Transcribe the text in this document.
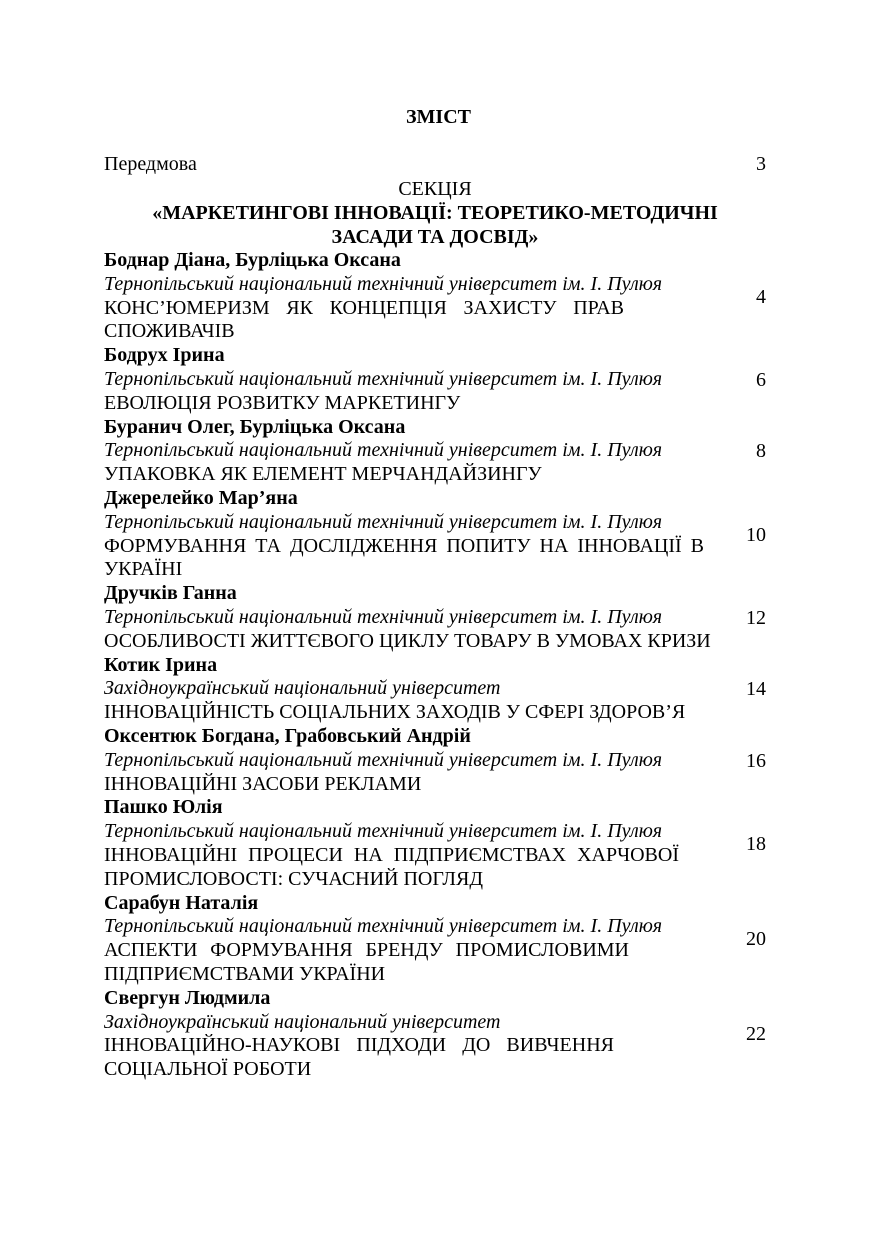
ЗМІСТ
Передмова	3
СЕКЦІЯ
«МАРКЕТИНГОВІ ІННОВАЦІЇ: ТЕОРЕТИКО-МЕТОДИЧНІ
ЗАСАДИ ТА ДОСВІД»
Боднар Діана, Бурліцька Оксана
Тернопільський національний технічний університет ім. І. Пулюя
КОНС’ЮМЕРИЗМ ЯК КОНЦЕПЦІЯ ЗАХИСТУ ПРАВ СПОЖИВАЧІВ
4
Бодрух Ірина
Тернопільський національний технічний університет ім. І. Пулюя
ЕВОЛЮЦІЯ РОЗВИТКУ МАРКЕТИНГУ
6
Буранич Олег, Бурліцька Оксана
Тернопільський національний технічний університет ім. І. Пулюя
УПАКОВКА ЯК ЕЛЕМЕНТ МЕРЧАНДАЙЗИНГУ
8
Джерелейко Мар’яна
Тернопільський національний технічний університет ім. І. Пулюя
ФОРМУВАННЯ ТА ДОСЛІДЖЕННЯ ПОПИТУ НА ІННОВАЦІЇ В УКРАЇНІ
10
Дручків Ганна
Тернопільський національний технічний університет ім. І. Пулюя
ОСОБЛИВОСТІ ЖИТТЄВОГО ЦИКЛУ ТОВАРУ В УМОВАХ КРИЗИ
12
Котик Ірина
Західноукраїнський національний університет
ІННОВАЦІЙНІСТЬ СОЦІАЛЬНИХ ЗАХОДІВ У СФЕРІ ЗДОРОВ’Я
14
Оксентюк Богдана, Грабовський Андрій
Тернопільський національний технічний університет ім. І. Пулюя
ІННОВАЦІЙНІ ЗАСОБИ РЕКЛАМИ
16
Пашко Юлія
Тернопільський національний технічний університет ім. І. Пулюя
ІННОВАЦІЙНІ ПРОЦЕСИ НА ПІДПРИЄМСТВАХ ХАРЧОВОЇ ПРОМИСЛОВОСТІ: СУЧАСНИЙ ПОГЛЯД
18
Сарабун Наталія
Тернопільський національний технічний університет ім. І. Пулюя
АСПЕКТИ ФОРМУВАННЯ БРЕНДУ ПРОМИСЛОВИМИ ПІДПРИЄМСТВАМИ УКРАЇНИ
20
Свергун Людмила
Західноукраїнський національний університет
ІННОВАЦІЙНО-НАУКОВІ ПІДХОДИ ДО ВИВЧЕННЯ СОЦІАЛЬНОЇ РОБОТИ
22
